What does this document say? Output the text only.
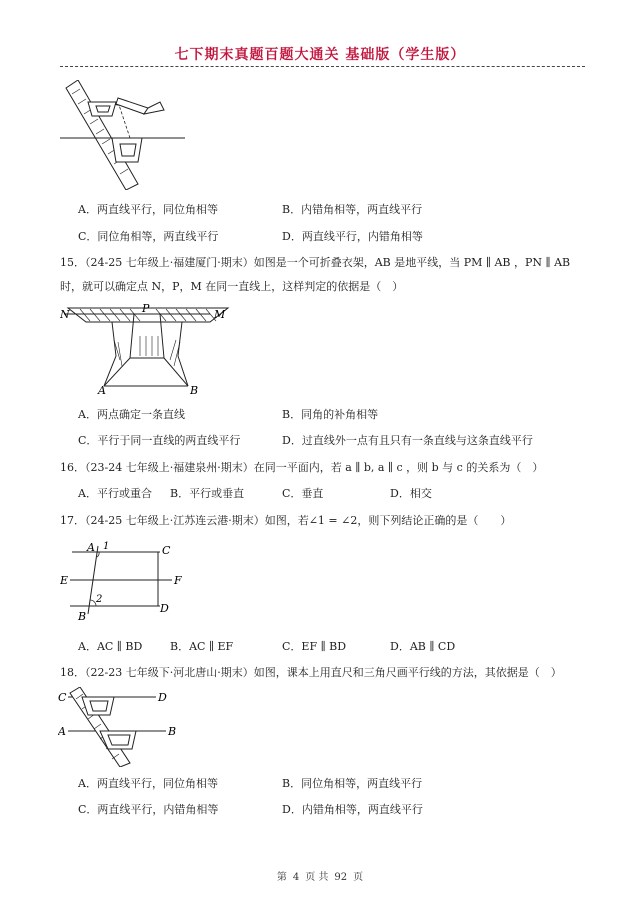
七下期末真题百题大通关 基础版（学生版）
A．两直线平行，同位角相等	B．内错角相等，两直线平行
C．同位角相等，两直线平行	D．两直线平行，内错角相等
15．（24-25 七年级上·福建厦门·期末）如图是一个可折叠衣架，AB 是地平线，当 PM ∥ AB ，PN ∥ AB
时，就可以确定点 N，P，M 在同一直线上，这样判定的依据是（　）
N	P	M
A	B
A．两点确定一条直线	B．同角的补角相等
C．平行于同一直线的两直线平行	D．过直线外一点有且只有一条直线与这条直线平行
16．（23-24 七年级上·福建泉州·期末）在同一平面内，若 a ∥ b, a ∥ c ，则 b 与 c 的关系为（　）
A．平行或重合 B．平行或垂直	C．垂直	D．相交
17．（24-25 七年级上·江苏连云港·期末）如图，若∠1 = ∠2，则下列结论正确的是（　　）
A 1	C
E	F
2
B
D
A．AC ∥ BD	B．AC ∥ EF	C．EF ∥ BD	D．AB ∥ CD
18．（22-23 七年级下·河北唐山·期末）如图，课本上用直尺和三角尺画平行线的方法，其依据是（　）
C	D
A	B
A．两直线平行，同位角相等	B．同位角相等，两直线平行
C．两直线平行，内错角相等	D．内错角相等，两直线平行
第 4 页 共 92 页
